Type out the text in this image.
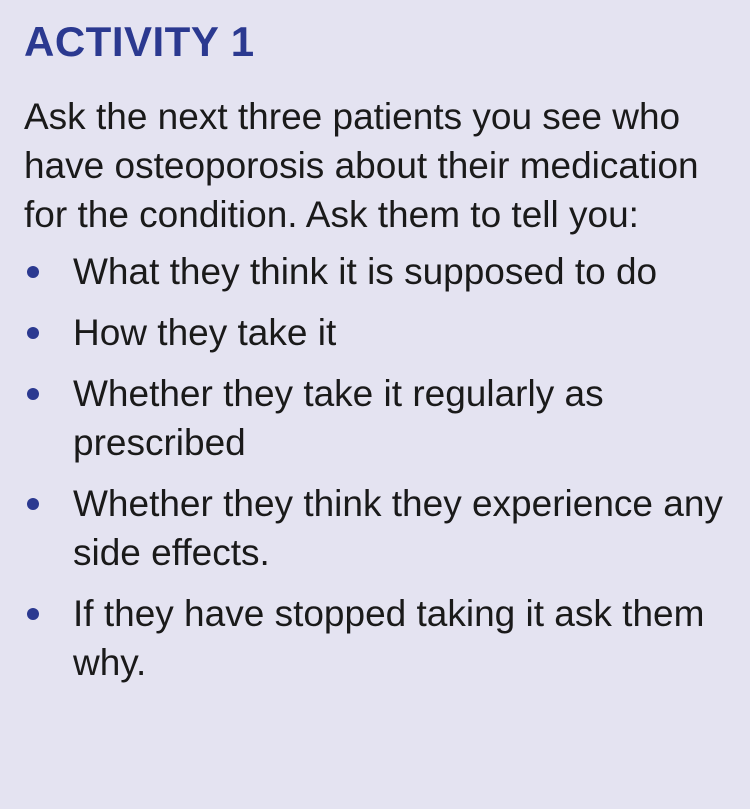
ACTIVITY 1

Ask the next three patients you see who have osteoporosis about their medication for the condition. Ask them to tell you:

What they think it is supposed to do
How they take it
Whether they take it regularly as prescribed
Whether they think they experience any side effects.
If they have stopped taking it ask them why.
